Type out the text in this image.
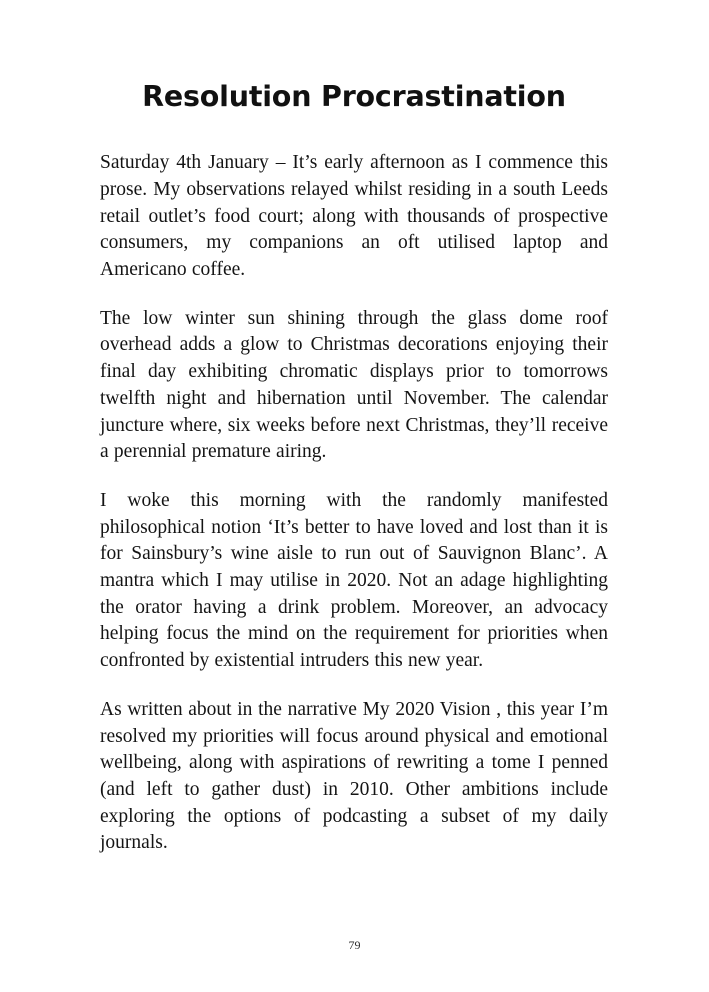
Resolution Procrastination

Saturday 4th January – It’s early afternoon as I commence this prose. My observations relayed whilst residing in a south Leeds retail outlet’s food court; along with thousands of prospective consumers, my companions an oft utilised laptop and Americano coffee.

The low winter sun shining through the glass dome roof overhead adds a glow to Christmas decorations enjoying their final day exhibiting chromatic displays prior to tomorrows twelfth night and hibernation until November. The calendar juncture where, six weeks before next Christmas, they’ll receive a perennial premature airing.

I woke this morning with the randomly manifested philosophical notion ‘It’s better to have loved and lost than it is for Sainsbury’s wine aisle to run out of Sauvignon Blanc’. A mantra which I may utilise in 2020. Not an adage highlighting the orator having a drink problem. Moreover, an advocacy helping focus the mind on the requirement for priorities when confronted by existential intruders this new year.

As written about in the narrative My 2020 Vision , this year I’m resolved my priorities will focus around physical and emotional wellbeing, along with aspirations of rewriting a tome I penned (and left to gather dust) in 2010. Other ambitions include exploring the options of podcasting a subset of my daily journals.

79
